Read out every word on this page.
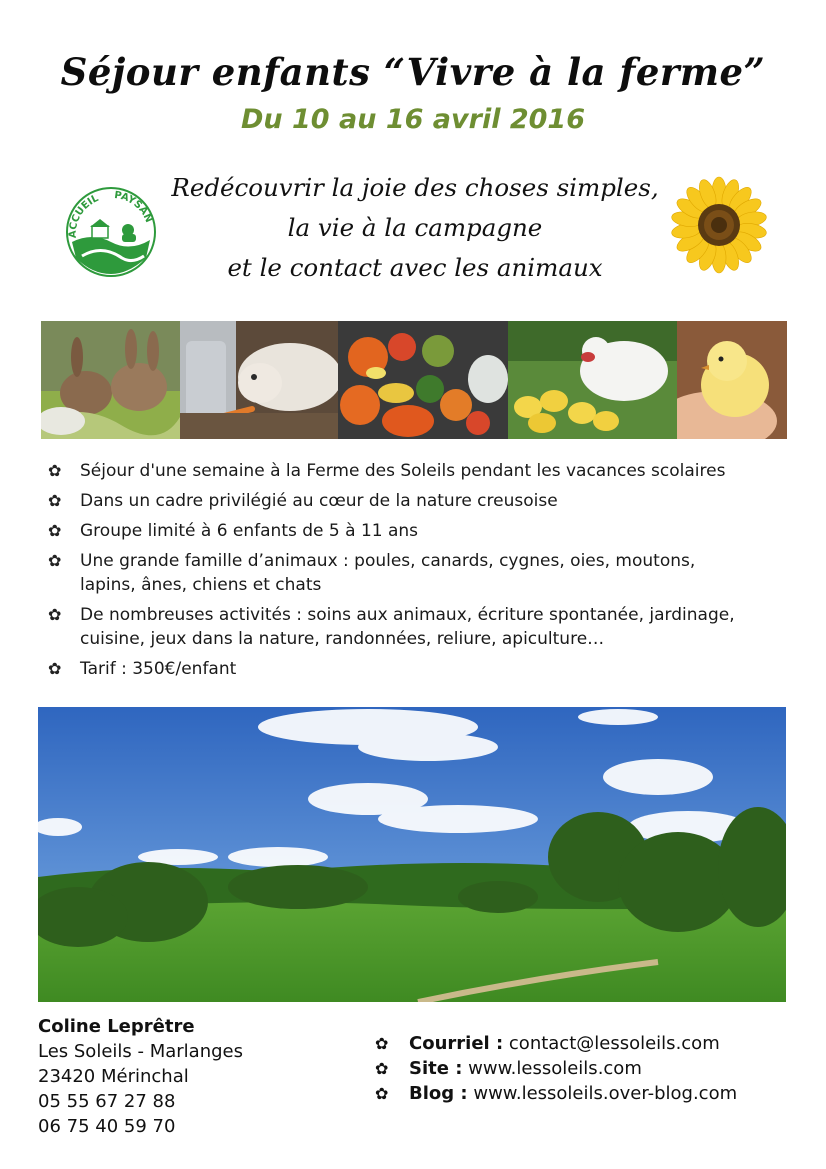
Séjour enfants “Vivre à la ferme”
Du 10 au 16 avril 2016
ACCUEIL PAYSAN
Redécouvrir la joie des choses simples,
la vie à la campagne
et le contact avec les animaux
✿	Séjour d'une semaine à la Ferme des Soleils pendant les vacances scolaires
✿	Dans un cadre privilégié au cœur de la nature creusoise
✿	Groupe limité à 6 enfants de 5 à 11 ans
✿	Une grande famille d’animaux : poules, canards, cygnes, oies, moutons,
lapins, ânes, chiens et chats
✿	De nombreuses activités : soins aux animaux, écriture spontanée, jardinage,
cuisine, jeux dans la nature, randonnées, reliure, apiculture…
✿	Tarif : 350€/enfant
Coline Leprêtre
Les Soleils - Marlanges
23420 Mérinchal
05 55 67 27 88
06 75 40 59 70
✿ Courriel : contact@lessoleils.com
✿ Site : www.lessoleils.com
✿ Blog : www.lessoleils.over-blog.com
